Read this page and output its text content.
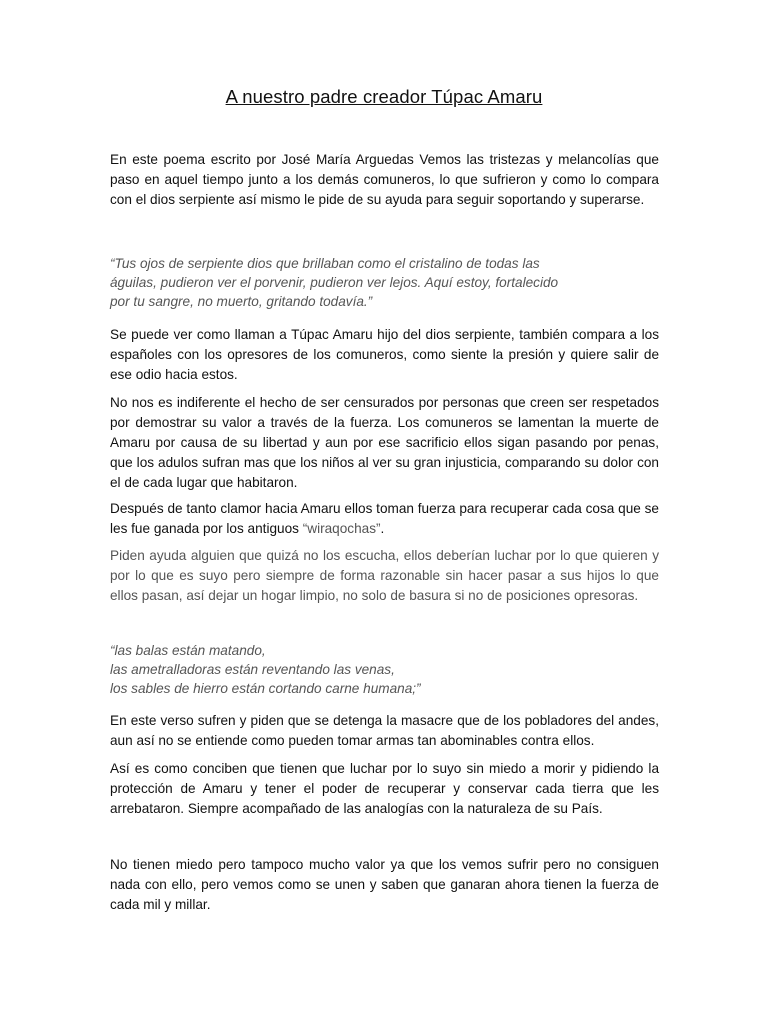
A nuestro padre creador Túpac Amaru

En este poema escrito por José María Arguedas Vemos las tristezas y melancolías que paso en aquel tiempo junto a los demás comuneros, lo que sufrieron y como lo compara con el dios serpiente así mismo le pide de su ayuda para seguir soportando y superarse.

“Tus ojos de serpiente dios que brillaban como el cristalino de todas las
águilas, pudieron ver el porvenir, pudieron ver lejos. Aquí estoy, fortalecido
por tu sangre, no muerto, gritando todavía.”

Se puede ver como llaman a Túpac Amaru hijo del dios serpiente, también compara a los españoles con los opresores de los comuneros, como siente la presión y quiere salir de ese odio hacia estos.

No nos es indiferente el hecho de ser censurados por personas que creen ser respetados por demostrar su valor a través de la fuerza. Los comuneros se lamentan la muerte de Amaru por causa de su libertad y aun por ese sacrificio ellos sigan pasando por penas, que los adulos sufran mas que los niños al ver su gran injusticia, comparando su dolor con el de cada lugar que habitaron.

Después de tanto clamor hacia Amaru ellos toman fuerza para recuperar cada cosa que se les fue ganada por los antiguos “wiraqochas”.

Piden ayuda alguien que quizá no los escucha, ellos deberían luchar por lo que quieren y por lo que es suyo pero siempre de forma razonable sin hacer pasar a sus hijos lo que ellos pasan, así dejar un hogar limpio, no solo de basura si no de posiciones opresoras.

“las balas están matando,
las ametralladoras están reventando las venas,
los sables de hierro están cortando carne humana;”

En este verso sufren y piden que se detenga la masacre que de los pobladores del andes, aun así no se entiende como pueden tomar armas tan abominables contra ellos.

Así es como conciben que tienen que luchar por lo suyo sin miedo a morir y pidiendo la protección de Amaru y tener el poder de recuperar y conservar cada tierra que les arrebataron. Siempre acompañado de las analogías con la naturaleza de su País.

No tienen miedo pero tampoco mucho valor ya que los vemos sufrir pero no consiguen nada con ello, pero vemos como se unen y saben que ganaran ahora tienen la fuerza de cada mil y millar.
